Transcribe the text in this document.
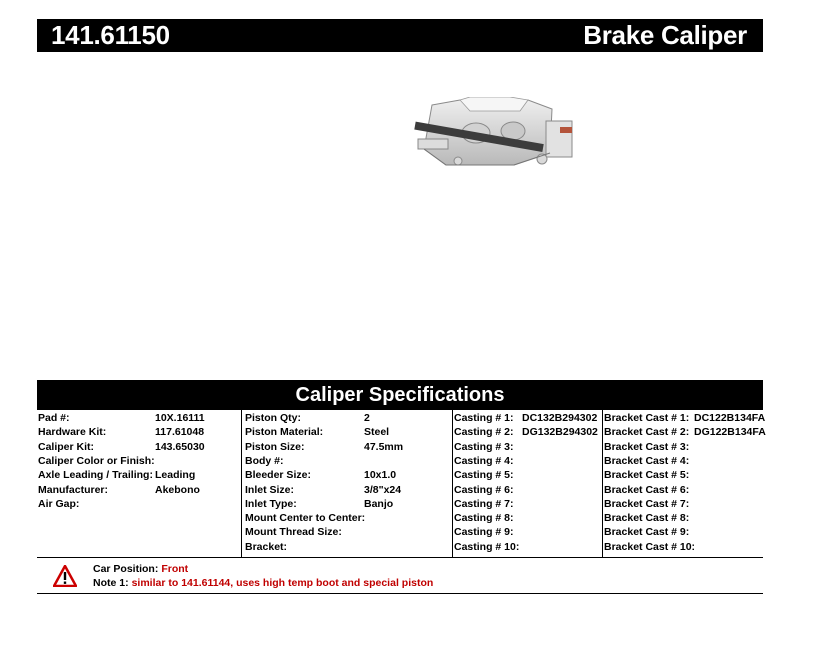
141.61150	Brake Caliper
Caliper Specifications
Pad #:	10X.16111
Hardware Kit:	117.61048
Caliper Kit:	143.65030
Caliper Color or Finish:
Axle Leading / Trailing: Leading
Manufacturer:	Akebono
Air Gap:
Piston Qty:	2
Piston Material:	Steel
Piston Size:	47.5mm
Body #:
Bleeder Size:	10x1.0
Inlet Size:	3/8"x24
Inlet Type:	Banjo
Mount Center to Center:
Mount Thread Size:
Bracket:
Casting # 1: DC132B294302
Casting # 2: DG132B294302
Casting # 3:
Casting # 4:
Casting # 5:
Casting # 6:
Casting # 7:
Casting # 8:
Casting # 9:
Casting # 10:
Bracket Cast # 1: DC122B134FA
Bracket Cast # 2: DG122B134FA
Bracket Cast # 3:
Bracket Cast # 4:
Bracket Cast # 5:
Bracket Cast # 6:
Bracket Cast # 7:
Bracket Cast # 8:
Bracket Cast # 9:
Bracket Cast # 10:
Car Position: Front
Note 1: similar to 141.61144, uses high temp boot and special piston
